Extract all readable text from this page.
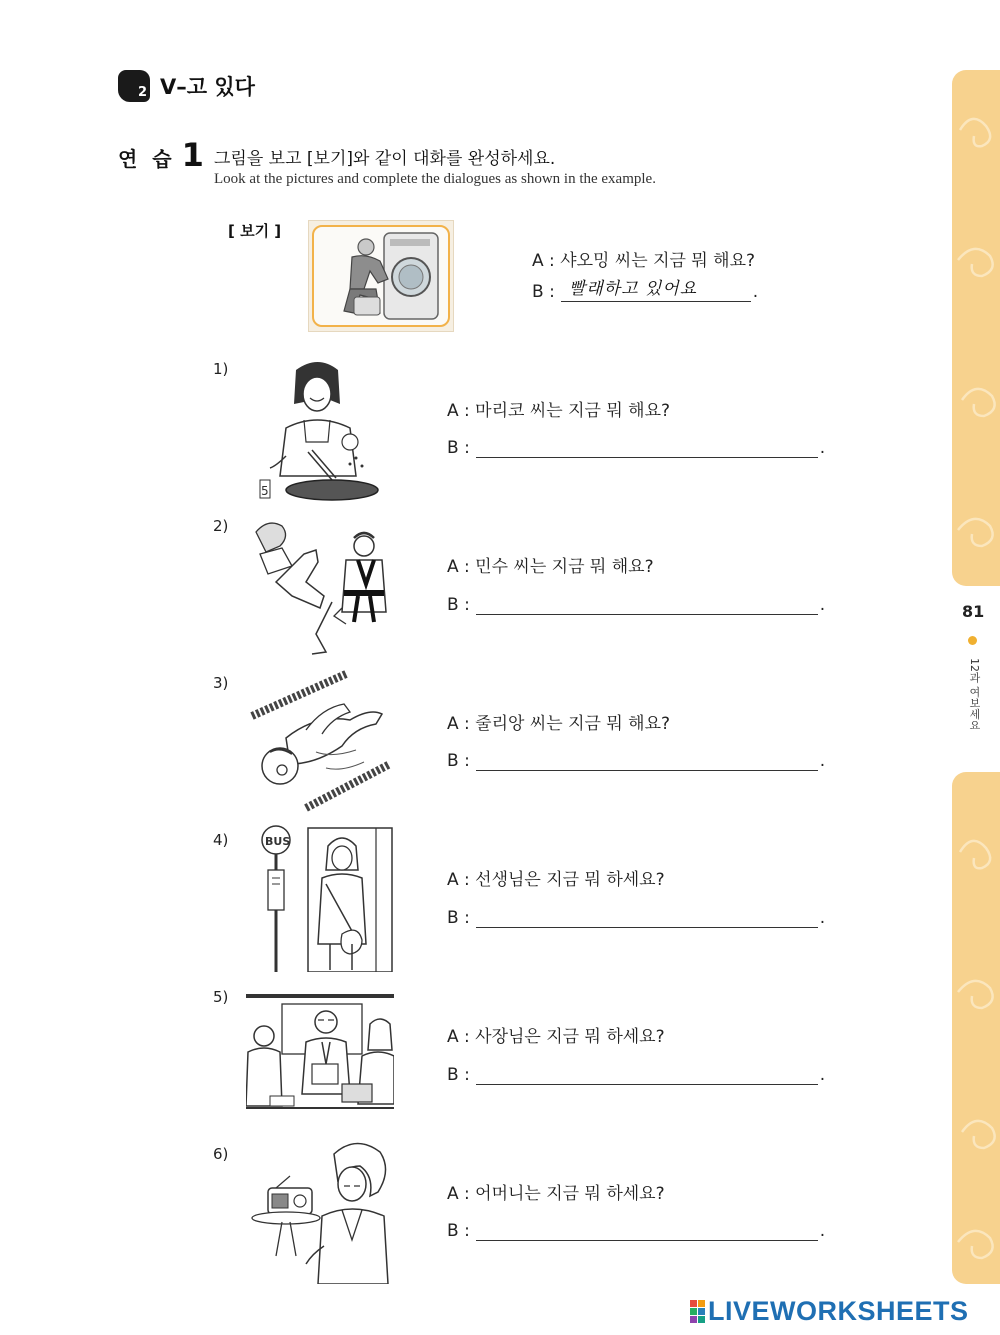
2 V–고 있다
연 습 1 그림을 보고 [보기]와 같이 대화를 완성하세요.
Look at the pictures and complete the dialogues as shown in the example.
[ 보기 ]
A : 샤오밍 씨는 지금 뭐 해요?
B : 빨래하고 있어요	.
1)
5
A : 마리코 씨는 지금 뭐 해요?
B :	.
2)
A : 민수 씨는 지금 뭐 해요?
B :	.
3)
A : 줄리앙 씨는 지금 뭐 해요?
B :	.
4)	BUS
A : 선생님은 지금 뭐 하세요?
B :	.
5)
A : 사장님은 지금 뭐 하세요?
B :	.
6)
A : 어머니는 지금 뭐 하세요?
B :	.
81
12과 여보세요
LIVEWORKSHEETS
